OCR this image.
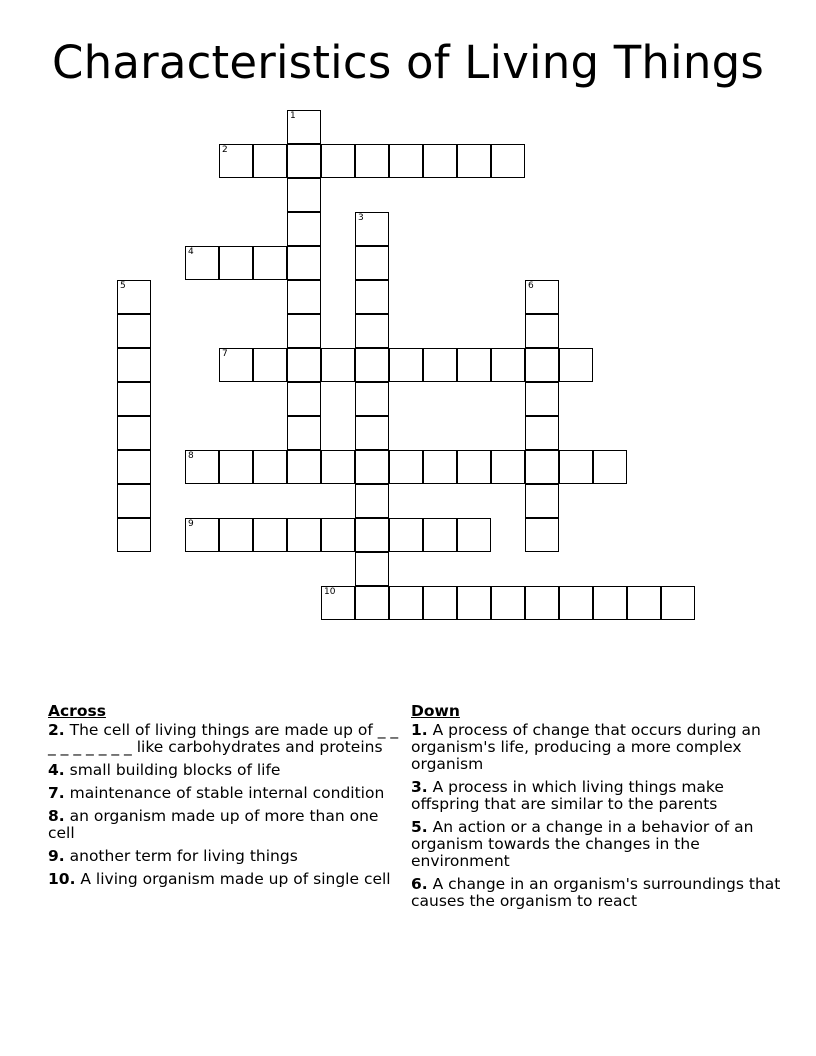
Characteristics of Living Things
1
2
3
4
5	6
7
8
9
10
Across
2. The cell of living things are made up of _ _ _ _ _ _ _ _ _ like carbohydrates and proteins
4. small building blocks of life
7. maintenance of stable internal condition
8. an organism made up of more than one cell
9. another term for living things
10. A living organism made up of single cell
Down
1. A process of change that occurs during an organism's life, producing a more complex organism
3. A process in which living things make offspring that are similar to the parents
5. An action or a change in a behavior of an organism towards the changes in the environment
6. A change in an organism's surroundings that causes the organism to react
